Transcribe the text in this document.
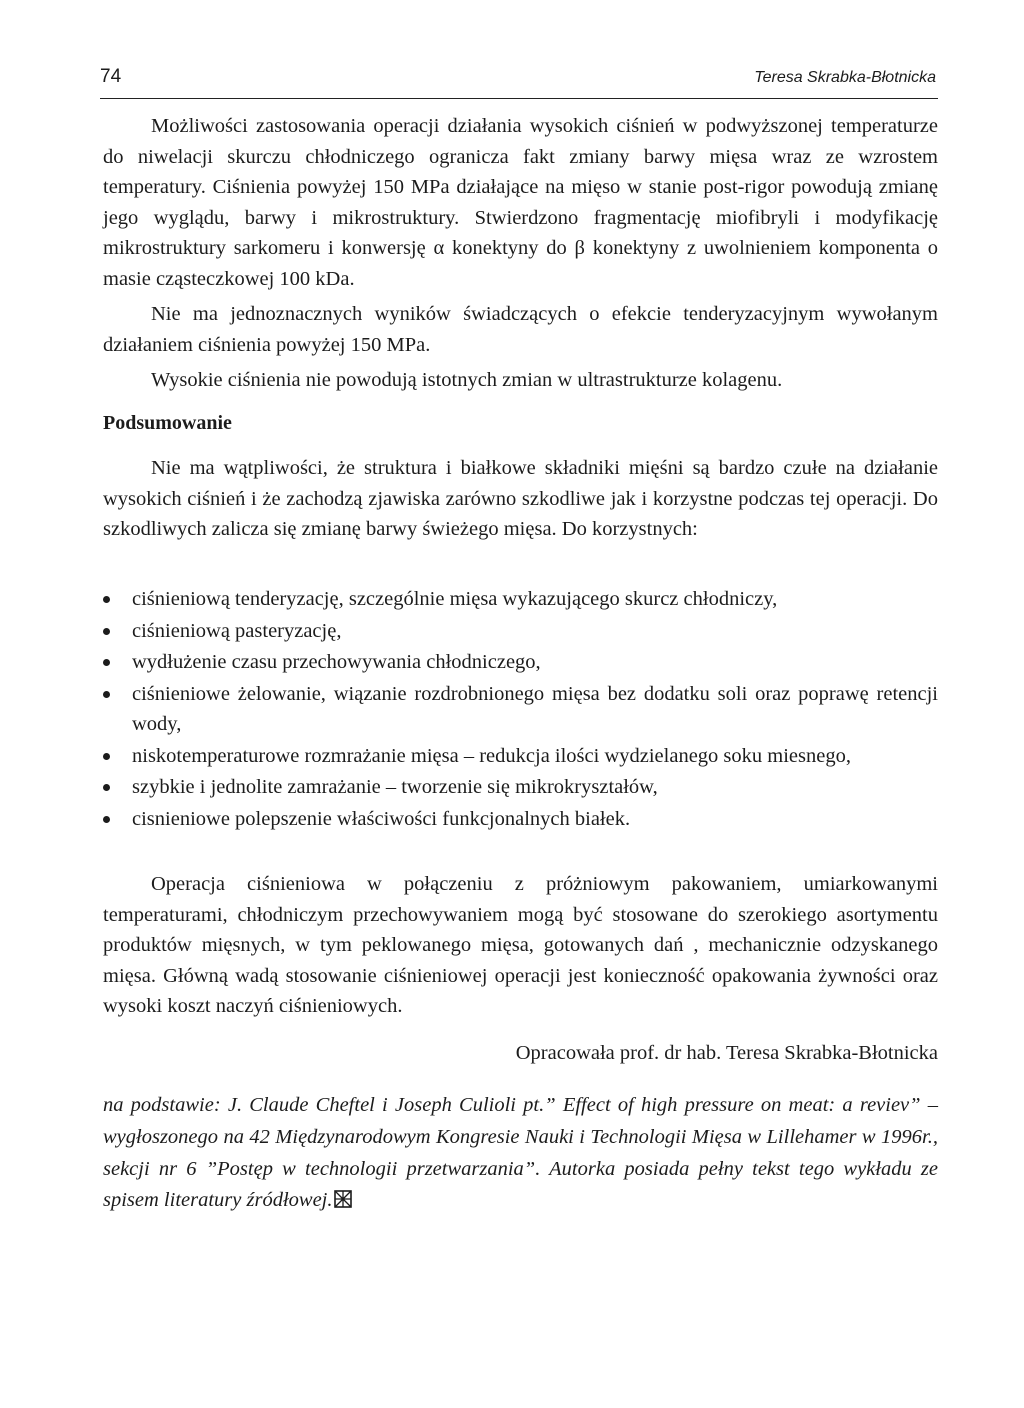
74	Teresa Skrabka-Błotnicka

Możliwości zastosowania operacji działania wysokich ciśnień w podwyższonej temperaturze do niwelacji skurczu chłodniczego ogranicza fakt zmiany barwy mięsa wraz ze wzrostem temperatury. Ciśnienia powyżej 150 MPa działające na mięso w stanie post-rigor powodują zmianę jego wyglądu, barwy i mikrostruktury. Stwierdzono fragmentację miofibryli i modyfikację mikrostruktury sarkomeru i konwersję α konektyny do β konektyny z uwolnieniem komponenta o masie cząsteczkowej 100 kDa.

Nie ma jednoznacznych wyników świadczących o efekcie tenderyzacyjnym wywołanym działaniem ciśnienia powyżej 150 MPa.

Wysokie ciśnienia nie powodują istotnych zmian w ultrastrukturze kolagenu.

Podsumowanie

Nie ma wątpliwości, że struktura i białkowe składniki mięśni są bardzo czułe na działanie wysokich ciśnień i że zachodzą zjawiska zarówno szkodliwe jak i korzystne podczas tej operacji. Do szkodliwych zalicza się zmianę barwy świeżego mięsa. Do korzystnych:

ciśnieniową tenderyzację, szczególnie mięsa wykazującego skurcz chłodniczy,
ciśnieniową pasteryzację,
wydłużenie czasu przechowywania chłodniczego,
ciśnieniowe żelowanie, wiązanie rozdrobnionego mięsa bez dodatku soli oraz poprawę retencji wody,
niskotemperaturowe rozmrażanie mięsa – redukcja ilości wydzielanego soku miesnego,
szybkie i jednolite zamrażanie – tworzenie się mikrokryształów,
cisnieniowe polepszenie właściwości funkcjonalnych białek.

Operacja ciśnieniowa w połączeniu z próżniowym pakowaniem, umiarkowanymi temperaturami, chłodniczym przechowywaniem mogą być stosowane do szerokiego asortymentu produktów mięsnych, w tym peklowanego mięsa, gotowanych dań , mechanicznie odzyskanego mięsa. Główną wadą stosowanie ciśnieniowej operacji jest konieczność opakowania żywności oraz wysoki koszt naczyń ciśnieniowych.

Opracowała prof. dr hab. Teresa Skrabka-Błotnicka

na podstawie: J. Claude Cheftel i Joseph Culioli pt.” Effect of high pressure on meat: a reviev” – wygłoszonego na 42 Międzynarodowym Kongresie Nauki i Technologii Mięsa w Lillehamer w 1996r., sekcji nr 6 ”Postęp w technologii przetwarzania”. Autorka posiada pełny tekst tego wykładu ze spisem literatury źródłowej.
